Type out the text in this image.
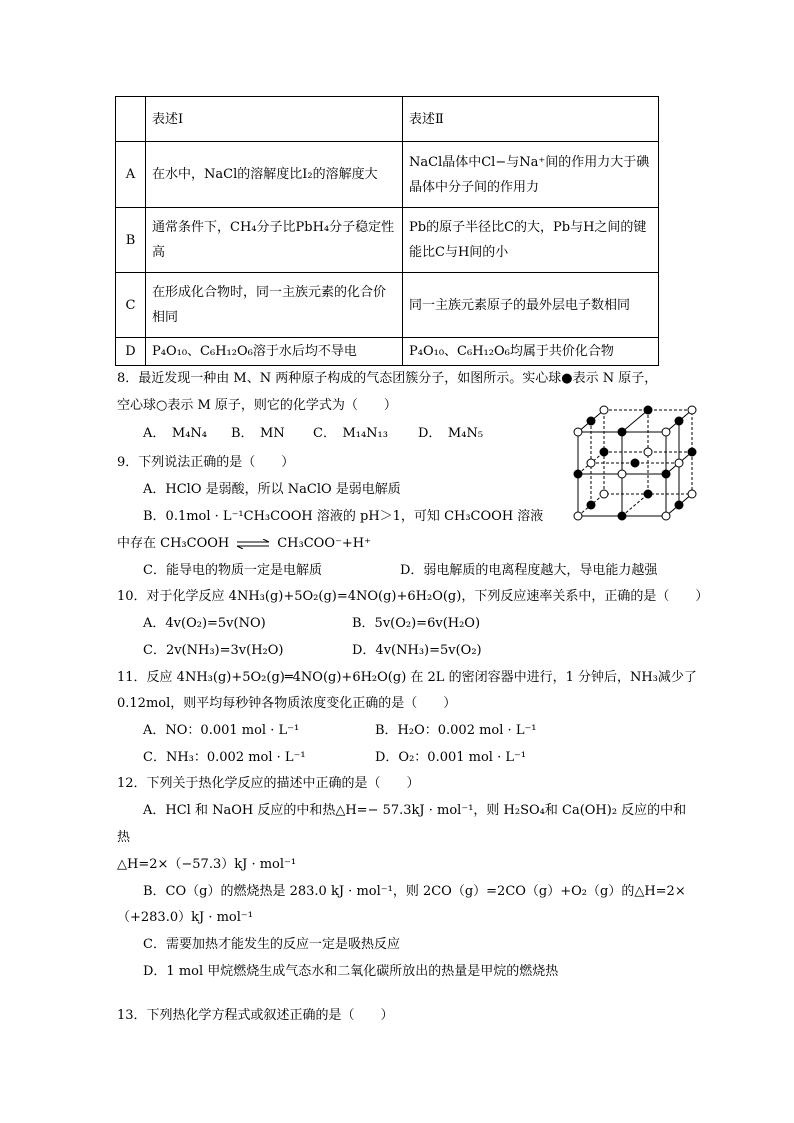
	表述Ⅰ	表述Ⅱ
A	在水中，NaCl的溶解度比I₂的溶解度大	NaCl晶体中Cl−与Na⁺间的作用力大于碘晶体中分子间的作用力
B	通常条件下，CH₄分子比PbH₄分子稳定性高	Pb的原子半径比C的大，Pb与H之间的键能比C与H间的小
C	在形成化合物时，同一主族元素的化合价相同	同一主族元素原子的最外层电子数相同
D	P₄O₁₀、C₆H₁₂O₆溶于水后均不导电	P₄O₁₀、C₆H₁₂O₆均属于共价化合物
8．最近发现一种由 M、N 两种原子构成的气态团簇分子，如图所示。实心球●表示 N 原子，
空心球○表示 M 原子，则它的化学式为（　　）
A．　M₄N₄ B．　MN C．　M₁₄N₁₃ D．　M₄N₅
9．下列说法正确的是（　　）
A．HClO 是弱酸，所以 NaClO 是弱电解质
B．0.1mol · L⁻¹CH₃COOH 溶液的 pH＞1，可知 CH₃COOH 溶液
中存在 CH₃COOH ⇌ CH₃COO⁻+H⁺
C．能导电的物质一定是电解质	D．弱电解质的电离程度越大，导电能力越强
10．对于化学反应 4NH₃(g)+5O₂(g)=4NO(g)+6H₂O(g)，下列反应速率关系中，正确的是（　　）
A．4v(O₂)=5v(NO)	B．5v(O₂)=6v(H₂O)
C．2v(NH₃)=3v(H₂O)	D．4v(NH₃)=5v(O₂)
11．反应 4NH₃(g)+5O₂(g)═4NO(g)+6H₂O(g) 在 2L 的密闭容器中进行，1 分钟后，NH₃减少了
0.12mol，则平均每秒钟各物质浓度变化正确的是（　　）
A．NO：0.001 mol · L⁻¹	B．H₂O：0.002 mol · L⁻¹
C．NH₃：0.002 mol · L⁻¹	D．O₂：0.001 mol · L⁻¹
12．下列关于热化学反应的描述中正确的是（　　）
A．HCl 和 NaOH 反应的中和热△H=− 57.3kJ · mol⁻¹，则 H₂SO₄和 Ca(OH)₂ 反应的中和
热
△H=2×（−57.3）kJ · mol⁻¹
B．CO（g）的燃烧热是 283.0 kJ · mol⁻¹，则 2CO（g）=2CO（g）+O₂（g）的△H=2×
（+283.0）kJ · mol⁻¹
C．需要加热才能发生的反应一定是吸热反应
D．1 mol 甲烷燃烧生成气态水和二氧化碳所放出的热量是甲烷的燃烧热
13．下列热化学方程式或叙述正确的是（　　）
